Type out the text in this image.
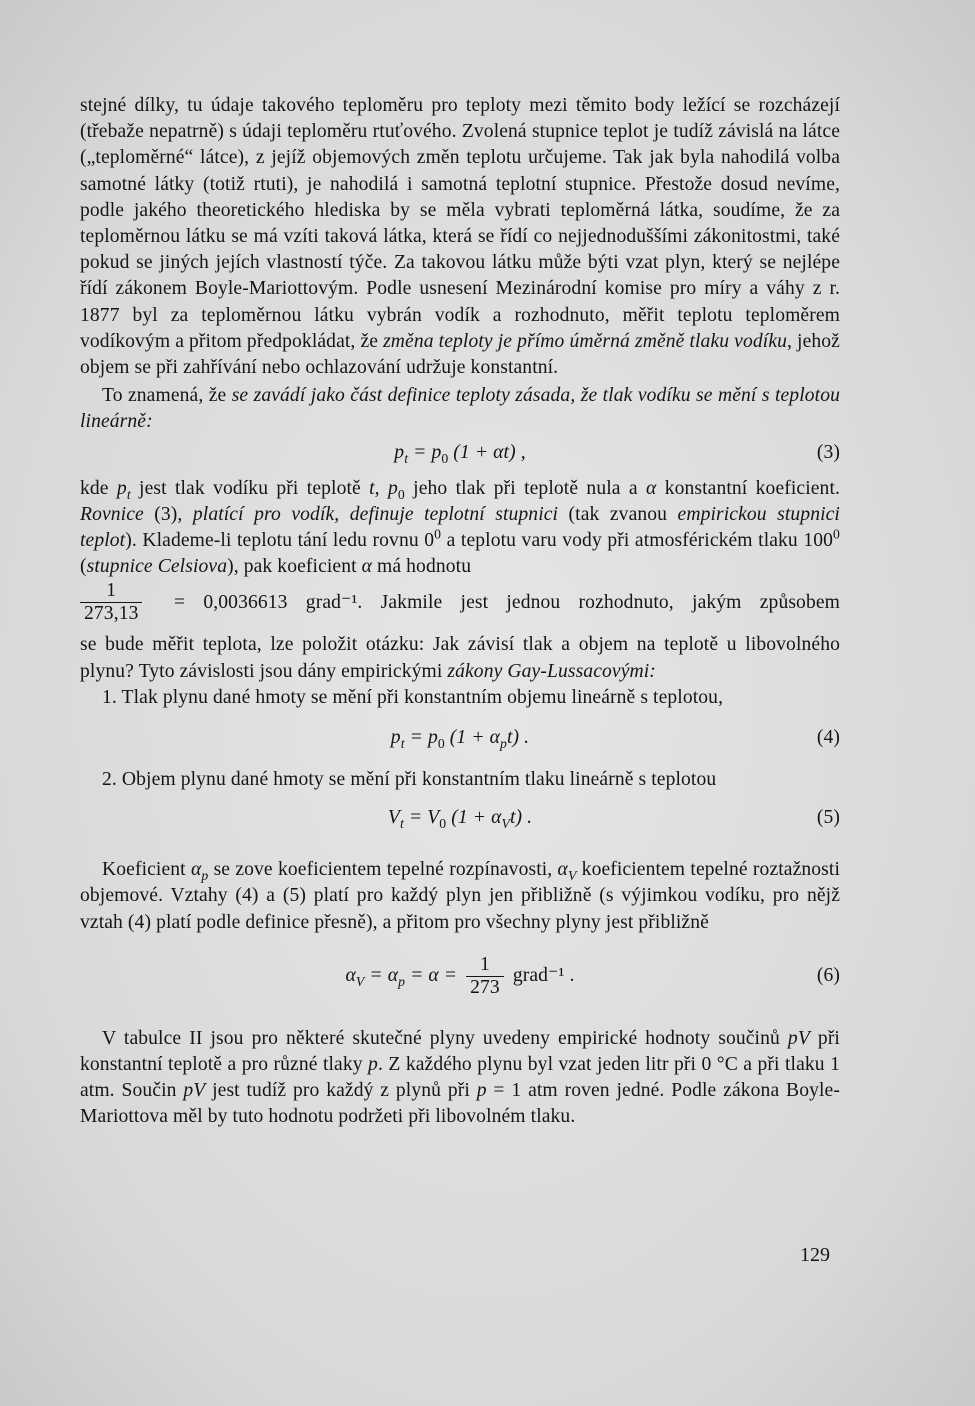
stejné dílky, tu údaje takového teploměru pro teploty mezi těmito body ležící se rozcházejí (třebaže nepatrně) s údaji teploměru rtuťového. Zvolená stupnice teplot je tudíž závislá na látce („teploměrné“ látce), z jejíž objemových změn teplotu určujeme. Tak jak byla nahodilá volba samotné látky (totiž rtuti), je nahodilá i samotná teplotní stupnice. Přestože dosud nevíme, podle jakého theoretického hlediska by se měla vybrati teploměrná látka, soudíme, že za teploměrnou látku se má vzíti taková látka, která se řídí co nejjednoduššími zákonitostmi, také pokud se jiných jejích vlastností týče. Za takovou látku může býti vzat plyn, který se nejlépe řídí zákonem Boyle-Mariottovým. Podle usnesení Mezinárodní komise pro míry a váhy z r. 1877 byl za teploměrnou látku vybrán vodík a rozhodnuto, měřit teplotu teploměrem vodíkovým a přitom předpokládat, že změna teploty je přímo úměrná změně tlaku vodíku, jehož objem se při zahřívání nebo ochlazování udržuje konstantní.

To znamená, že se zavádí jako část definice teploty zásada, že tlak vodíku se mění s teplotou lineárně:

$p_t = p_0$ (1 + αt) ,	(3)

kde $p_t$ jest tlak vodíku při teplotě t, $p_0$ jeho tlak při teplotě nula a α konstantní koeficient. Rovnice (3), platící pro vodík, definuje teplotní stupnici (tak zvanou empirickou stupnici teplot). Klademe-li teplotu tání ledu rovnu $0^0$ a teplotu varu vody při atmosférickém tlaku $100^0$ (stupnice Celsiova), pak koeficient α má hodnotu

$\frac{1}{273,13} = 0,0036613$ grad⁻¹. Jakmile jest jednou rozhodnuto, jakým způsobem

se bude měřit teplota, lze položit otázku: Jak závisí tlak a objem na teplotě u libovolného plynu? Tyto závislosti jsou dány empirickými zákony Gay-Lussacovými:

1. Tlak plynu dané hmoty se mění při konstantním objemu lineárně s teplotou,

$p_t = p_0$ $(1 + \alpha_pt)$ .	(4)

2. Objem plynu dané hmoty se mění při konstantním tlaku lineárně s teplotou

$V_t = V_0$ $(1 + \alpha_Vt)$ .	(5)

Koeficient $\alpha_p$ se zove koeficientem tepelné rozpínavosti, $\alpha_V$ koeficientem tepelné roztažnosti objemové. Vztahy (4) a (5) platí pro každý plyn jen přibližně (s výjimkou vodíku, pro nějž vztah (4) platí podle definice přesně), a přitom pro všechny plyny jest přibližně

$\alpha_V = \alpha_p = \alpha = \frac{1}{273}$ grad⁻¹ .	(6)

V tabulce II jsou pro některé skutečné plyny uvedeny empirické hodnoty součinů pV při konstantní teplotě a pro různé tlaky p. Z každého plynu byl vzat jeden litr při 0 °C a při tlaku 1 atm. Součin pV jest tudíž pro každý z plynů při p = 1 atm roven jedné. Podle zákona Boyle-Mariottova měl by tuto hodnotu podržeti při libovolném tlaku.

129
